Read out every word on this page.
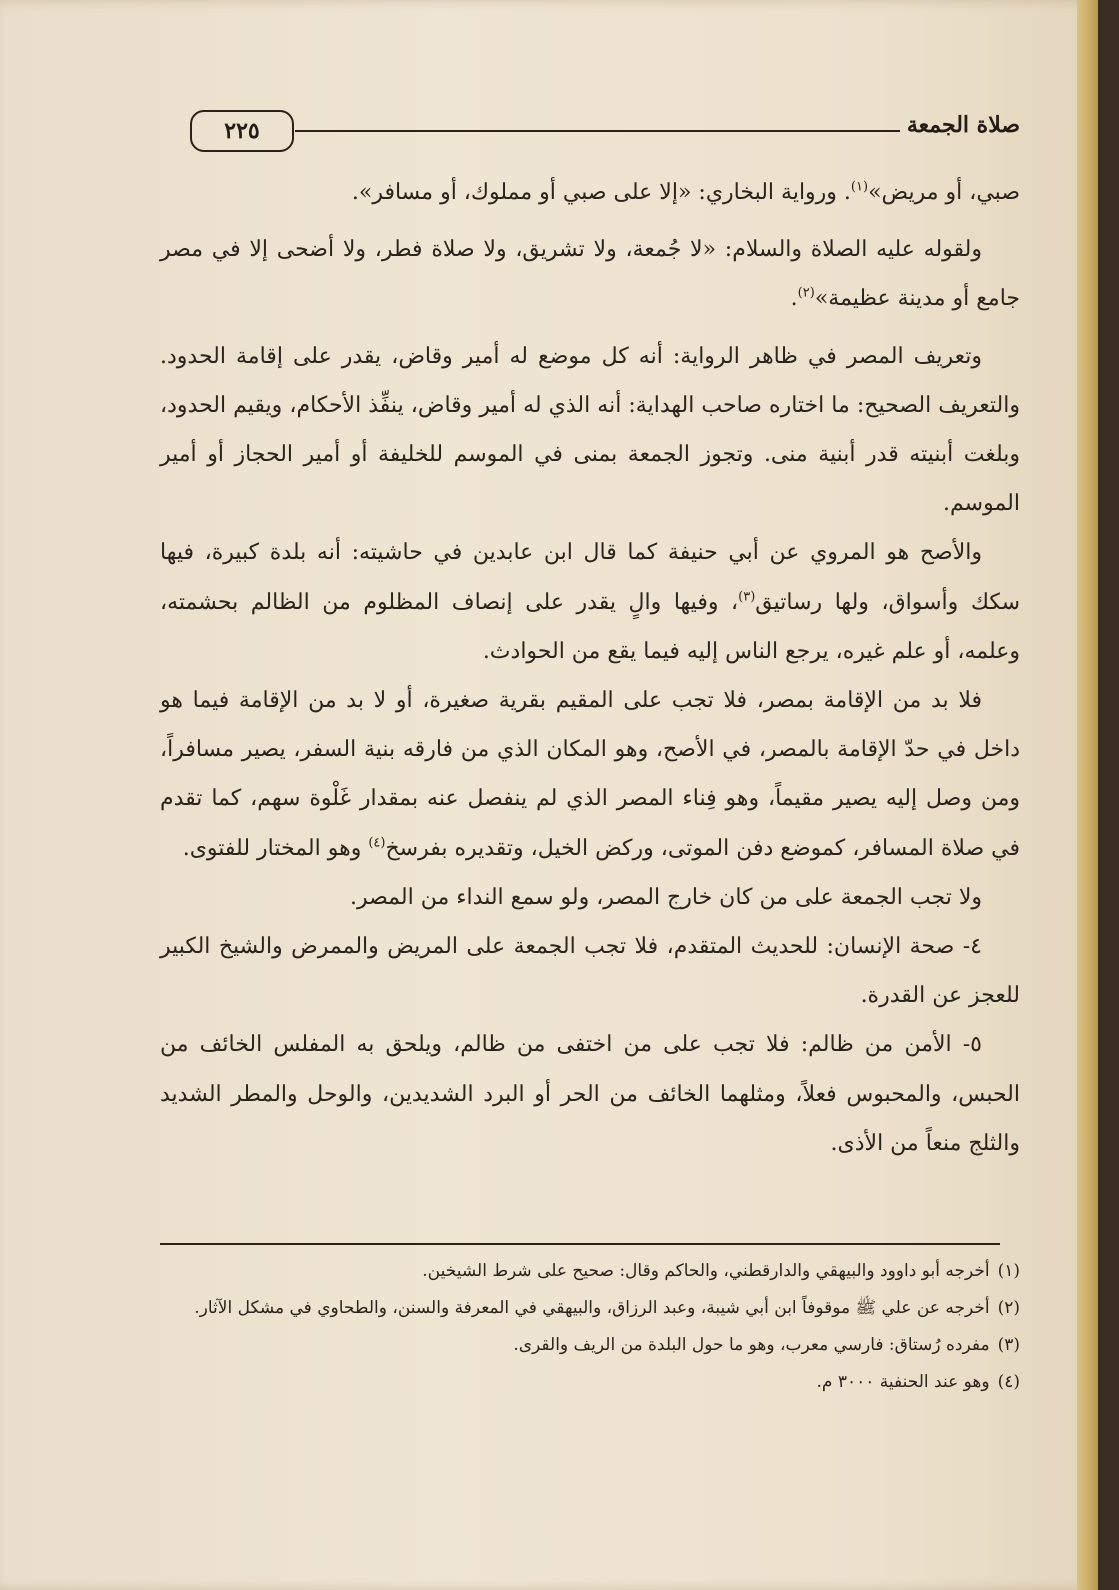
صلاة الجمعة
٢٢٥

صبي، أو مريض»$^{(١)}$. ورواية البخاري: «إلا على صبي أو مملوك، أو مسافر».

ولقوله عليه الصلاة والسلام: «لا جُمعة، ولا تشريق، ولا صلاة فطر، ولا أضحى إلا في مصر جامع أو مدينة عظيمة»$^{(٢)}$.

وتعريف المصر في ظاهر الرواية: أنه كل موضع له أمير وقاض، يقدر على إقامة الحدود. والتعريف الصحيح: ما اختاره صاحب الهداية: أنه الذي له أمير وقاض، ينفِّذ الأحكام، ويقيم الحدود، وبلغت أبنيته قدر أبنية منى. وتجوز الجمعة بمنى في الموسم للخليفة أو أمير الحجاز أو أمير الموسم.

والأصح هو المروي عن أبي حنيفة كما قال ابن عابدين في حاشيته: أنه بلدة كبيرة، فيها سكك وأسواق، ولها رساتيق$^{(٣)}$، وفيها والٍ يقدر على إنصاف المظلوم من الظالم بحشمته، وعلمه، أو علم غيره، يرجع الناس إليه فيما يقع من الحوادث.

فلا بد من الإقامة بمصر، فلا تجب على المقيم بقرية صغيرة، أو لا بد من الإقامة فيما هو داخل في حدّ الإقامة بالمصر، في الأصح، وهو المكان الذي من فارقه بنية السفر، يصير مسافراً، ومن وصل إليه يصير مقيماً، وهو فِناء المصر الذي لم ينفصل عنه بمقدار غَلْوة سهم، كما تقدم في صلاة المسافر، كموضع دفن الموتى، وركض الخيل، وتقديره بفرسخ$^{(٤)}$ وهو المختار للفتوى.

ولا تجب الجمعة على من كان خارج المصر، ولو سمع النداء من المصر.

٤- صحة الإنسان: للحديث المتقدم، فلا تجب الجمعة على المريض والممرض والشيخ الكبير للعجز عن القدرة.

٥- الأمن من ظالم: فلا تجب على من اختفى من ظالم، ويلحق به المفلس الخائف من الحبس، والمحبوس فعلاً، ومثلهما الخائف من الحر أو البرد الشديدين، والوحل والمطر الشديد والثلج منعاً من الأذى.

(١)أخرجه أبو داوود والبيهقي والدارقطني، والحاكم وقال: صحيح على شرط الشيخين.

(٢)أخرجه عن علي ﷺ موقوفاً ابن أبي شيبة، وعبد الرزاق، والبيهقي في المعرفة والسنن، والطحاوي في مشكل الآثار.

(٣)مفرده رُستاق: فارسي معرب، وهو ما حول البلدة من الريف والقرى.

(٤)وهو عند الحنفية ٣٠٠٠ م.
